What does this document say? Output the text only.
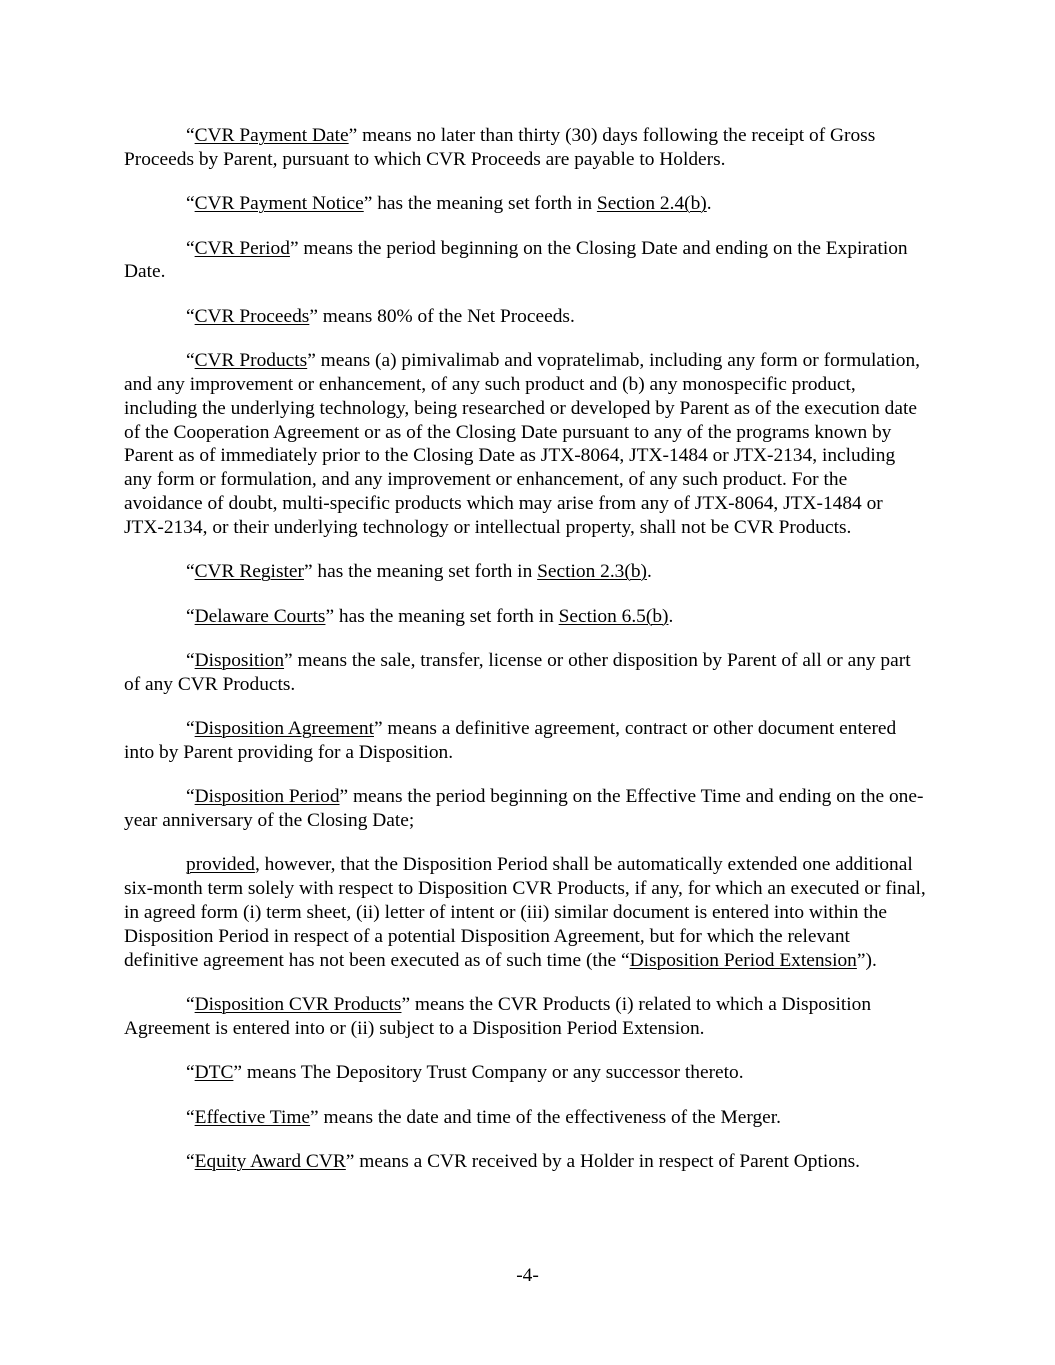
“CVR Payment Date” means no later than thirty (30) days following the receipt of Gross Proceeds by Parent, pursuant to which CVR Proceeds are payable to Holders.

“CVR Payment Notice” has the meaning set forth in Section 2.4(b).

“CVR Period” means the period beginning on the Closing Date and ending on the Expiration Date.

“CVR Proceeds” means 80% of the Net Proceeds.

“CVR Products” means (a) pimivalimab and vopratelimab, including any form or formulation, and any improvement or enhancement, of any such product and (b) any monospecific product, including the underlying technology, being researched or developed by Parent as of the execution date of the Cooperation Agreement or as of the Closing Date pursuant to any of the programs known by Parent as of immediately prior to the Closing Date as JTX-8064, JTX-1484 or JTX-2134, including any form or formulation, and any improvement or enhancement, of any such product. For the avoidance of doubt, multi-specific products which may arise from any of JTX-8064, JTX-1484 or JTX-2134, or their underlying technology or intellectual property, shall not be CVR Products.

“CVR Register” has the meaning set forth in Section 2.3(b).

“Delaware Courts” has the meaning set forth in Section 6.5(b).

“Disposition” means the sale, transfer, license or other disposition by Parent of all or any part of any CVR Products.

“Disposition Agreement” means a definitive agreement, contract or other document entered into by Parent providing for a Disposition.

“Disposition Period” means the period beginning on the Effective Time and ending on the one-year anniversary of the Closing Date;

provided, however, that the Disposition Period shall be automatically extended one additional six-month term solely with respect to Disposition CVR Products, if any, for which an executed or final, in agreed form (i) term sheet, (ii) letter of intent or (iii) similar document is entered into within the Disposition Period in respect of a potential Disposition Agreement, but for which the relevant definitive agreement has not been executed as of such time (the “Disposition Period Extension”).

“Disposition CVR Products” means the CVR Products (i) related to which a Disposition Agreement is entered into or (ii) subject to a Disposition Period Extension.

“DTC” means The Depository Trust Company or any successor thereto.

“Effective Time” means the date and time of the effectiveness of the Merger.

“Equity Award CVR” means a CVR received by a Holder in respect of Parent Options.

-4-
